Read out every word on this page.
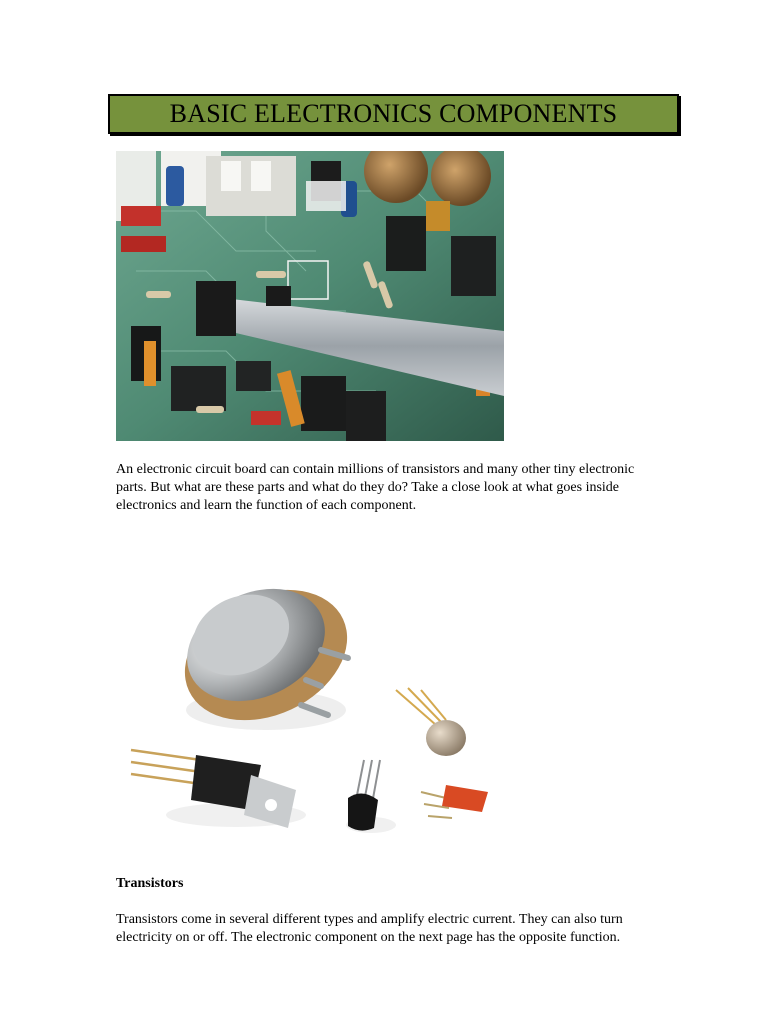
BASIC ELECTRONICS COMPONENTS

An electronic circuit board can contain millions of transistors and many other tiny electronic parts. But what are these parts and what do they do? Take a close look at what goes inside electronics and learn the function of each component.

Transistors

Transistors come in several different types and amplify electric current. They can also turn electricity on or off. The electronic component on the next page has the opposite function.
